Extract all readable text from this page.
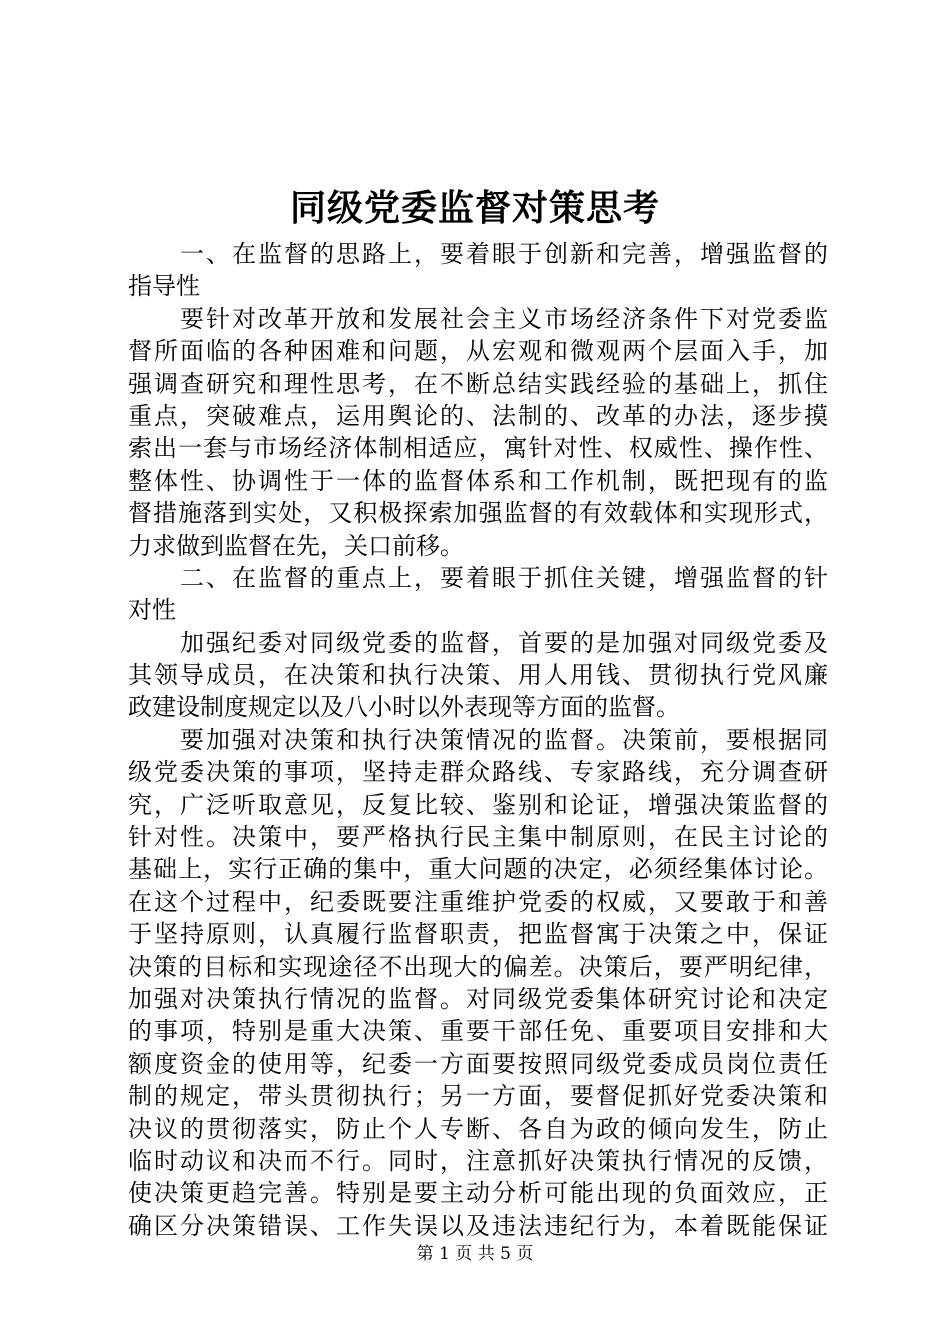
同级党委监督对策思考
一、在监督的思路上，要着眼于创新和完善，增强监督的
指导性
要针对改革开放和发展社会主义市场经济条件下对党委监
督所面临的各种困难和问题，从宏观和微观两个层面入手，加
强调查研究和理性思考，在不断总结实践经验的基础上，抓住
重点，突破难点，运用舆论的、法制的、改革的办法，逐步摸
索出一套与市场经济体制相适应，寓针对性、权威性、操作性、
整体性、协调性于一体的监督体系和工作机制，既把现有的监
督措施落到实处，又积极探索加强监督的有效载体和实现形式，
力求做到监督在先，关口前移。
二、在监督的重点上，要着眼于抓住关键，增强监督的针
对性
加强纪委对同级党委的监督，首要的是加强对同级党委及
其领导成员，在决策和执行决策、用人用钱、贯彻执行党风廉
政建设制度规定以及八小时以外表现等方面的监督。
要加强对决策和执行决策情况的监督。决策前，要根据同
级党委决策的事项，坚持走群众路线、专家路线，充分调查研
究，广泛听取意见，反复比较、鉴别和论证，增强决策监督的
针对性。决策中，要严格执行民主集中制原则，在民主讨论的
基础上，实行正确的集中，重大问题的决定，必须经集体讨论。
在这个过程中，纪委既要注重维护党委的权威，又要敢于和善
于坚持原则，认真履行监督职责，把监督寓于决策之中，保证
决策的目标和实现途径不出现大的偏差。决策后，要严明纪律，
加强对决策执行情况的监督。对同级党委集体研究讨论和决定
的事项，特别是重大决策、重要干部任免、重要项目安排和大
额度资金的使用等，纪委一方面要按照同级党委成员岗位责任
制的规定，带头贯彻执行；另一方面，要督促抓好党委决策和
决议的贯彻落实，防止个人专断、各自为政的倾向发生，防止
临时动议和决而不行。同时，注意抓好决策执行情况的反馈，
使决策更趋完善。特别是要主动分析可能出现的负面效应，正
确区分决策错误、工作失误以及违法违纪行为，本着既能保证
第 1 页 共 5 页
